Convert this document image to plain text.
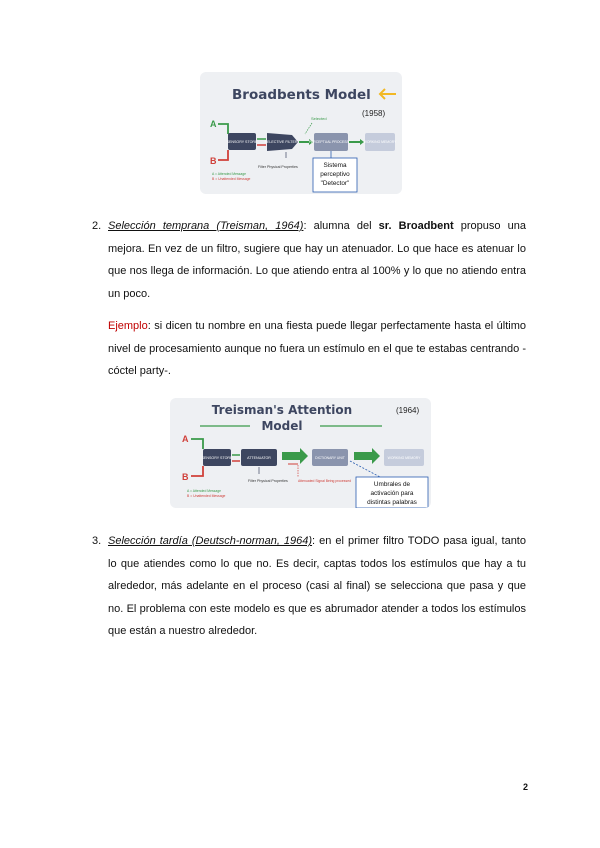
Broadbents Model
(1958)
A
B
SENSORY STORE SELECTIVE FILTER
Selected
PERCEPTUAL PROCESSES	WORKING MEMORY
Filter Physical Properties
A = Attended Message
B = Unattended Message
Sistema
perceptivo
"Detector"
2. Selección temprana (Treisman, 1964): alumna del sr. Broadbent propuso una mejora. En vez de un filtro, sugiere que hay un atenuador. Lo que hace es atenuar lo que nos llega de información. Lo que atiendo entra al 100% y lo que no atiendo entra un poco.
Ejemplo: si dicen tu nombre en una fiesta puede llegar perfectamente hasta el último nivel de procesamiento aunque no fuera un estímulo en el que te estabas centrando -cóctel party-.
Treisman's Attention
Model
(1964)
A
B
SENSORY STORE	ATTENUATOR	DICTIONARY UNIT	WORKING MEMORY
Filter Physical Properties	Attenuated Signal Being processed
A = Attended Message
B = Unattended Message
Umbrales de
activación para
distintas palabras
3. Selección tardía (Deutsch-norman, 1964): en el primer filtro TODO pasa igual, tanto lo que atiendes como lo que no. Es decir, captas todos los estímulos que hay a tu alrededor, más adelante en el proceso (casi al final) se selecciona que pasa y que no. El problema con este modelo es que es abrumador atender a todos los estímulos que están a nuestro alrededor.
2
